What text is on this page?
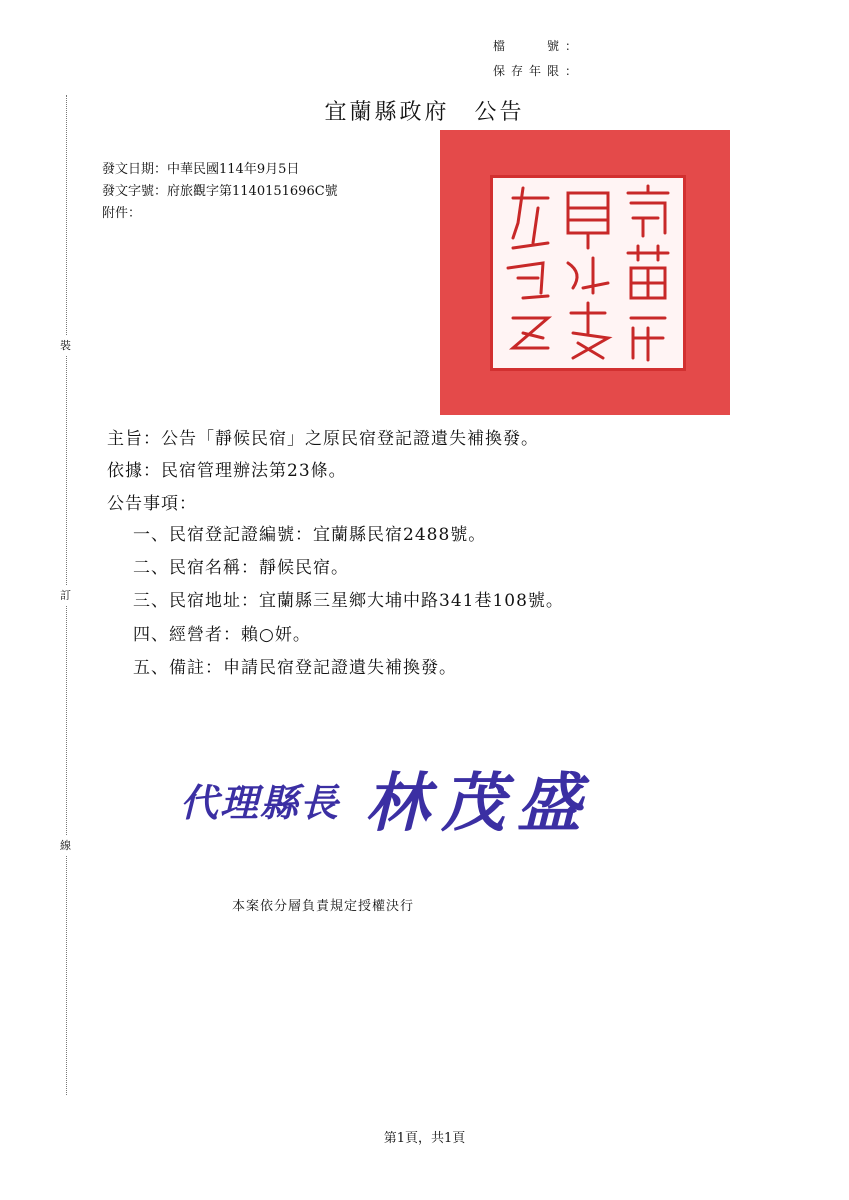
檔　　號：
保存年限：
宜蘭縣政府　公告
裝
訂
線
發文日期：中華民國114年9月5日
發文字號：府旅觀字第1140151696C號
附件：
主旨：公告「靜候民宿」之原民宿登記證遺失補換發。
依據：民宿管理辦法第23條。
公告事項：
一、民宿登記證編號：宜蘭縣民宿2488號。
二、民宿名稱：靜候民宿。
三、民宿地址：宜蘭縣三星鄉大埔中路341巷108號。
四、經營者：賴○妍。
五、備註：申請民宿登記證遺失補換發。
代理縣長 林茂盛
本案依分層負責規定授權決行
第1頁，共1頁
